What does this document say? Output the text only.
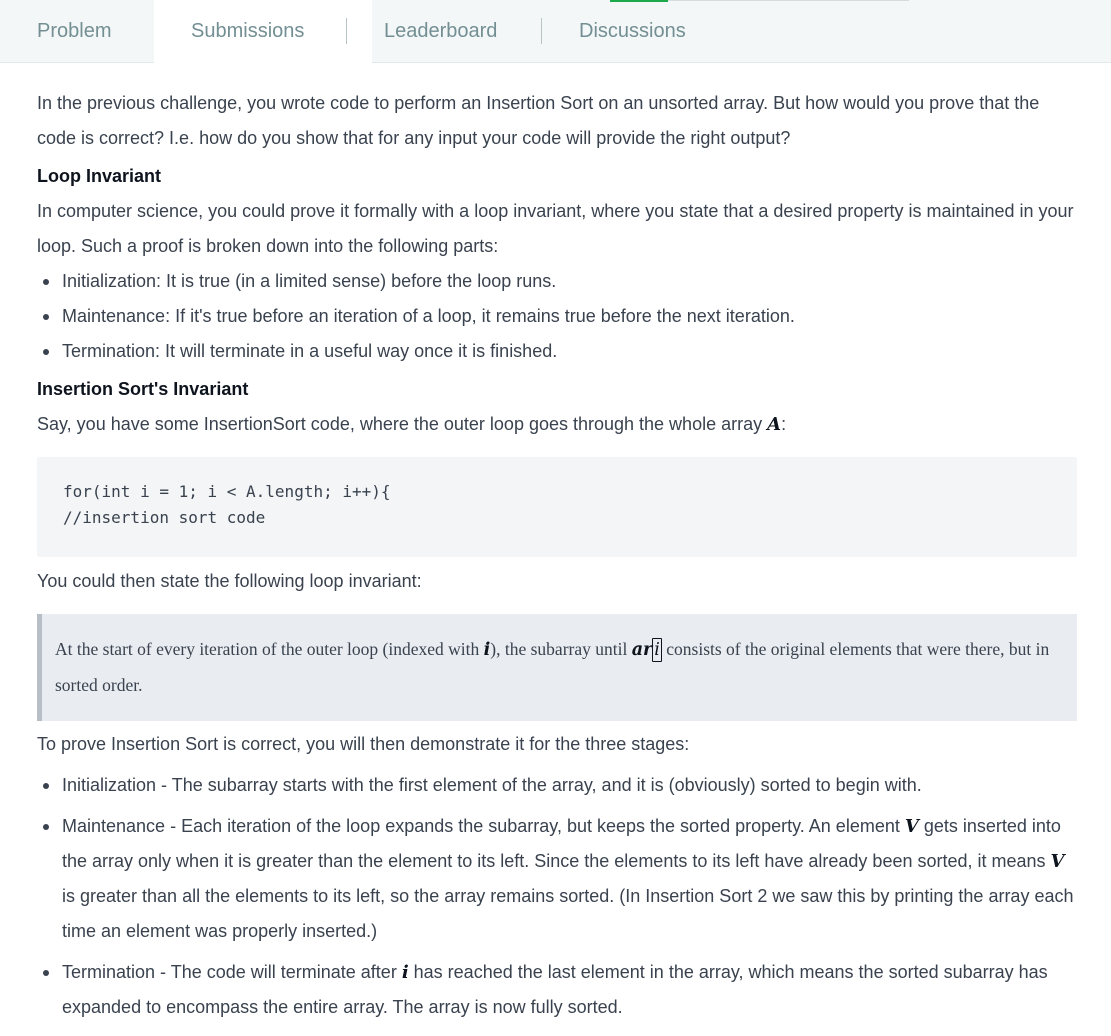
Problem	Submissions	Leaderboard	Discussions

In the previous challenge, you wrote code to perform an Insertion Sort on an unsorted array. But how would you prove that the code is correct? I.e. how do you show that for any input your code will provide the right output?

Loop Invariant

In computer science, you could prove it formally with a loop invariant, where you state that a desired property is maintained in your loop. Such a proof is broken down into the following parts:

Initialization: It is true (in a limited sense) before the loop runs.
Maintenance: If it's true before an iteration of a loop, it remains true before the next iteration.
Termination: It will terminate in a useful way once it is finished.

Insertion Sort's Invariant

Say, you have some InsertionSort code, where the outer loop goes through the whole array A:

for(int i = 1; i < A.length; i++){
//insertion sort code

You could then state the following loop invariant:

At the start of every iteration of the outer loop (indexed with i), the subarray until ar i consists of the original elements that were there, but in sorted order.

To prove Insertion Sort is correct, you will then demonstrate it for the three stages:

Initialization - The subarray starts with the first element of the array, and it is (obviously) sorted to begin with.
Maintenance - Each iteration of the loop expands the subarray, but keeps the sorted property. An element V gets inserted into the array only when it is greater than the element to its left. Since the elements to its left have already been sorted, it means V is greater than all the elements to its left, so the array remains sorted. (In Insertion Sort 2 we saw this by printing the array each time an element was properly inserted.)
Termination - The code will terminate after i has reached the last element in the array, which means the sorted subarray has expanded to encompass the entire array. The array is now fully sorted.
